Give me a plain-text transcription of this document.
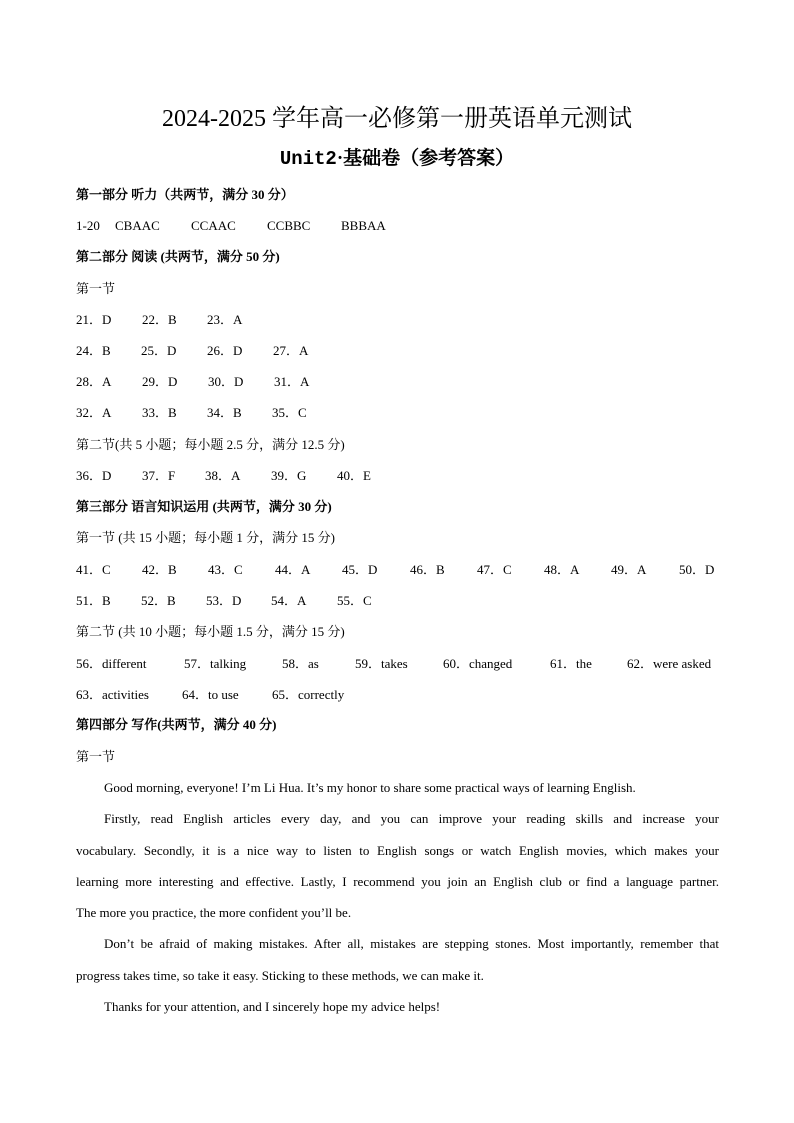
2024-2025 学年高一必修第一册英语单元测试
Unit2·基础卷（参考答案）
第一部分 听力（共两节，满分 30 分）
1-20 CBAAC CCAAC CCBBC BBBAA
第二部分 阅读 (共两节，满分 50 分)
第一节
21．D 22．B 23．A
24．B 25．D 26．D 27．A
28．A 29．D 30．D 31．A
32．A 33．B 34．B 35．C
第二节(共 5 小题；每小题 2.5 分，满分 12.5 分)
36．D 37．F 38．A 39．G 40．E
第三部分 语言知识运用 (共两节，满分 30 分)
第一节 (共 15 小题；每小题 1 分，满分 15 分)
41．C 42．B 43．C 44．A 45．D	46．B 47．C 48．A 49．A	50．D
51．B 52．B 53．D 54．A 55．C
第二节 (共 10 小题；每小题 1.5 分，满分 15 分)
56．different	57．talking	58．as	59．takes	60．changed	61．the	62．were asked
63．activities	64．to use	65．correctly
第四部分 写作(共两节，满分 40 分)
第一节

Good morning, everyone! I’m Li Hua. It’s my honor to share some practical ways of learning English.

Firstly, read English articles every day, and you can improve your reading skills and increase your

vocabulary. Secondly, it is a nice way to listen to English songs or watch English movies, which makes your

learning more interesting and effective. Lastly, I recommend you join an English club or find a language partner.

The more you practice, the more confident you’ll be.

Don’t be afraid of making mistakes. After all, mistakes are stepping stones. Most importantly, remember that

progress takes time, so take it easy. Sticking to these methods, we can make it.

Thanks for your attention, and I sincerely hope my advice helps!
